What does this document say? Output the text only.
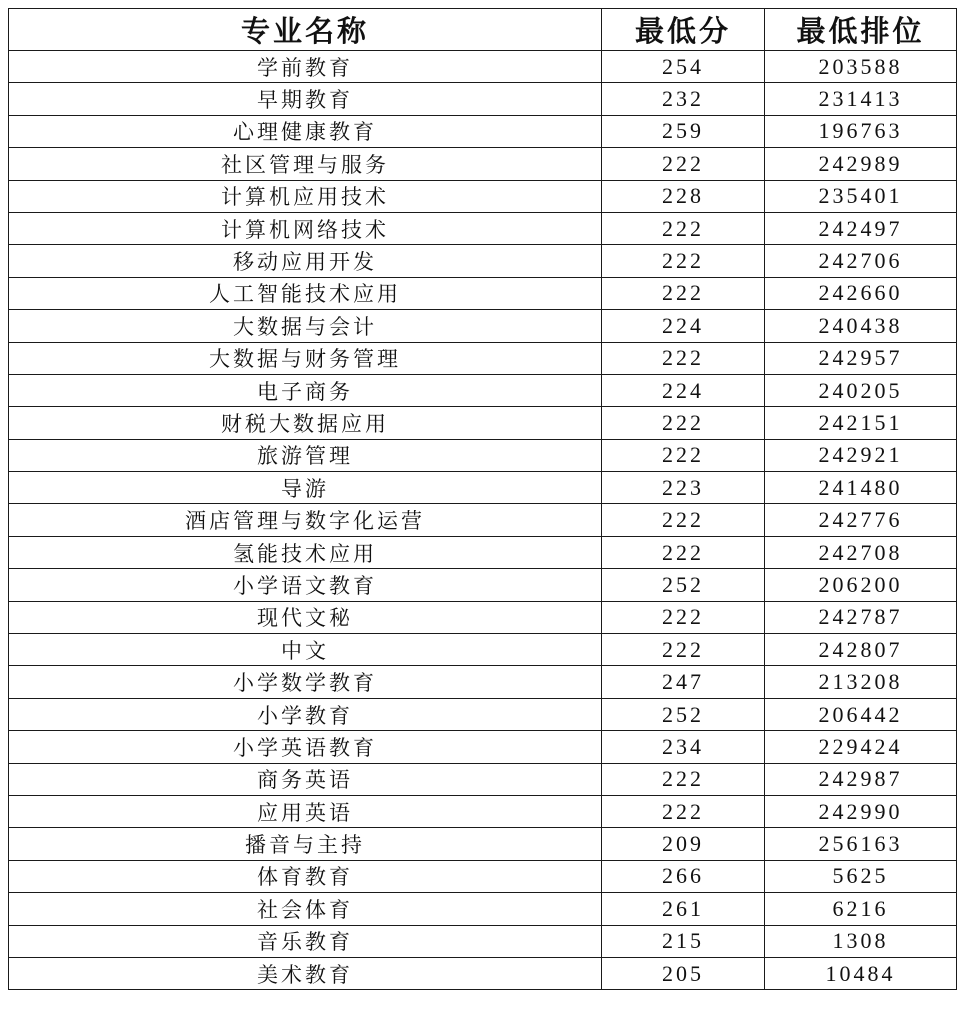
专业名称	最低分	最低排位
学前教育	254	203588
早期教育	232	231413
心理健康教育	259	196763
社区管理与服务	222	242989
计算机应用技术	228	235401
计算机网络技术	222	242497
移动应用开发	222	242706
人工智能技术应用	222	242660
大数据与会计	224	240438
大数据与财务管理	222	242957
电子商务	224	240205
财税大数据应用	222	242151
旅游管理	222	242921
导游	223	241480
酒店管理与数字化运营	222	242776
氢能技术应用	222	242708
小学语文教育	252	206200
现代文秘	222	242787
中文	222	242807
小学数学教育	247	213208
小学教育	252	206442
小学英语教育	234	229424
商务英语	222	242987
应用英语	222	242990
播音与主持	209	256163
体育教育	266	5625
社会体育	261	6216
音乐教育	215	1308
美术教育	205	10484
